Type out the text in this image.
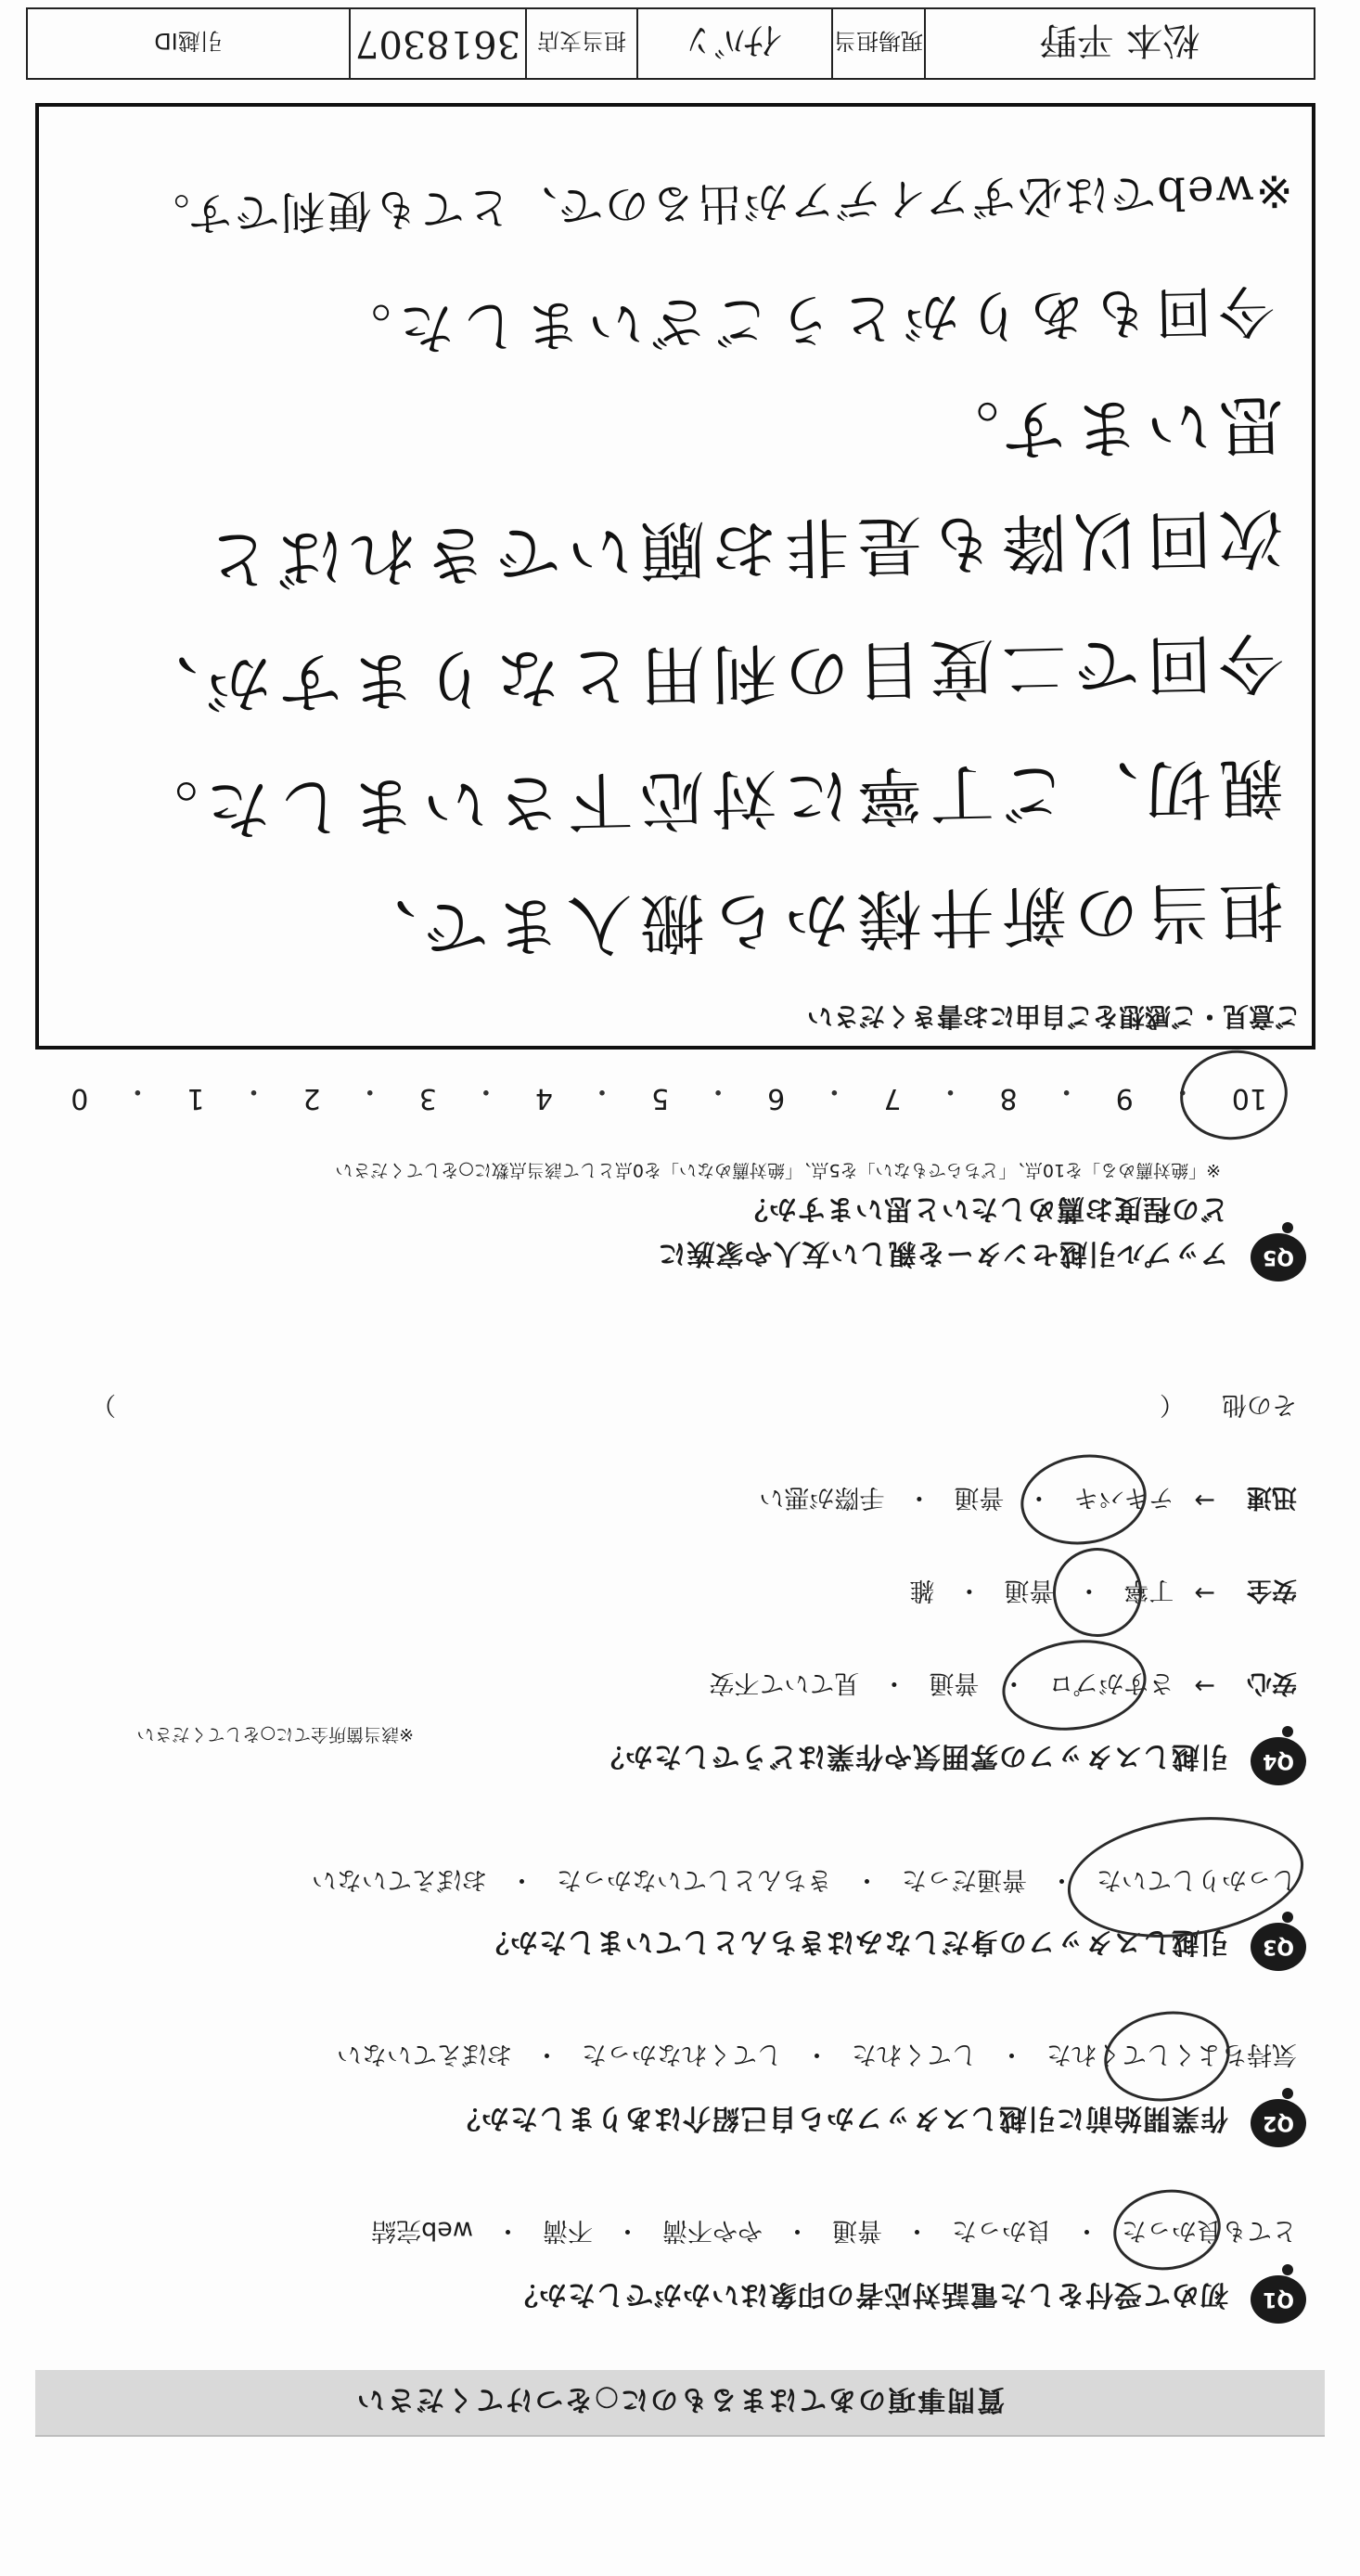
質問事項のあてはまるものに○をつけてください
Q1
初めて受付をした電話対応者の印象はいかがでしたか？
とても良かった
・
良かった
・
普通
・
やや不満
・
不満
・
web完結
Q2
作業開始前に引越しスタッフから自己紹介はありましたか？
気持ちよくしてくれた
・
してくれた
・
してくれなかった
・
おぼえていない
Q3
引越しスタッフの身だしなみはきちんとしていましたか？
しっかりしていた
・
普通だった
・
きちんとしていなかった
・
おぼえていない
Q4
引越しスタッフの雰囲気や作業はどうでしたか？
※該当箇所全てに○をしてください
安心
→
さすがプロ
・
普通
・
見ていて不安
安全
→
丁寧
・
普通
・
雑
迅速
→
テキパキ
・
普通
・
手際が悪い
その他
（
）
Q5
アップル引越センターを親しい友人や家族に
どの程度お薦めしたいと思いますか？
※「絶対薦める」を10点、「どちらでもない」を5点、「絶対薦めない」を0点として該当点数に○をしてください
10
・
9
・
8
・
7
・
6
・
5
・
4
・
3
・
2
・
1
・
0
ご意見・ご感想をご自由にお書きください
担当の新井様から搬入まで、
親切、ご丁寧に対応下さいました。
今回で二度目の利用となりますが、
次回以降も是非お願いできればと
思います。
今回もありがとうございました。
※webでは必ずアイデアが出るので、とても便利です。
松本 平野
現場担当
ｲﾅﾊﾞﾝ
担当支店
3618307
引越ID
